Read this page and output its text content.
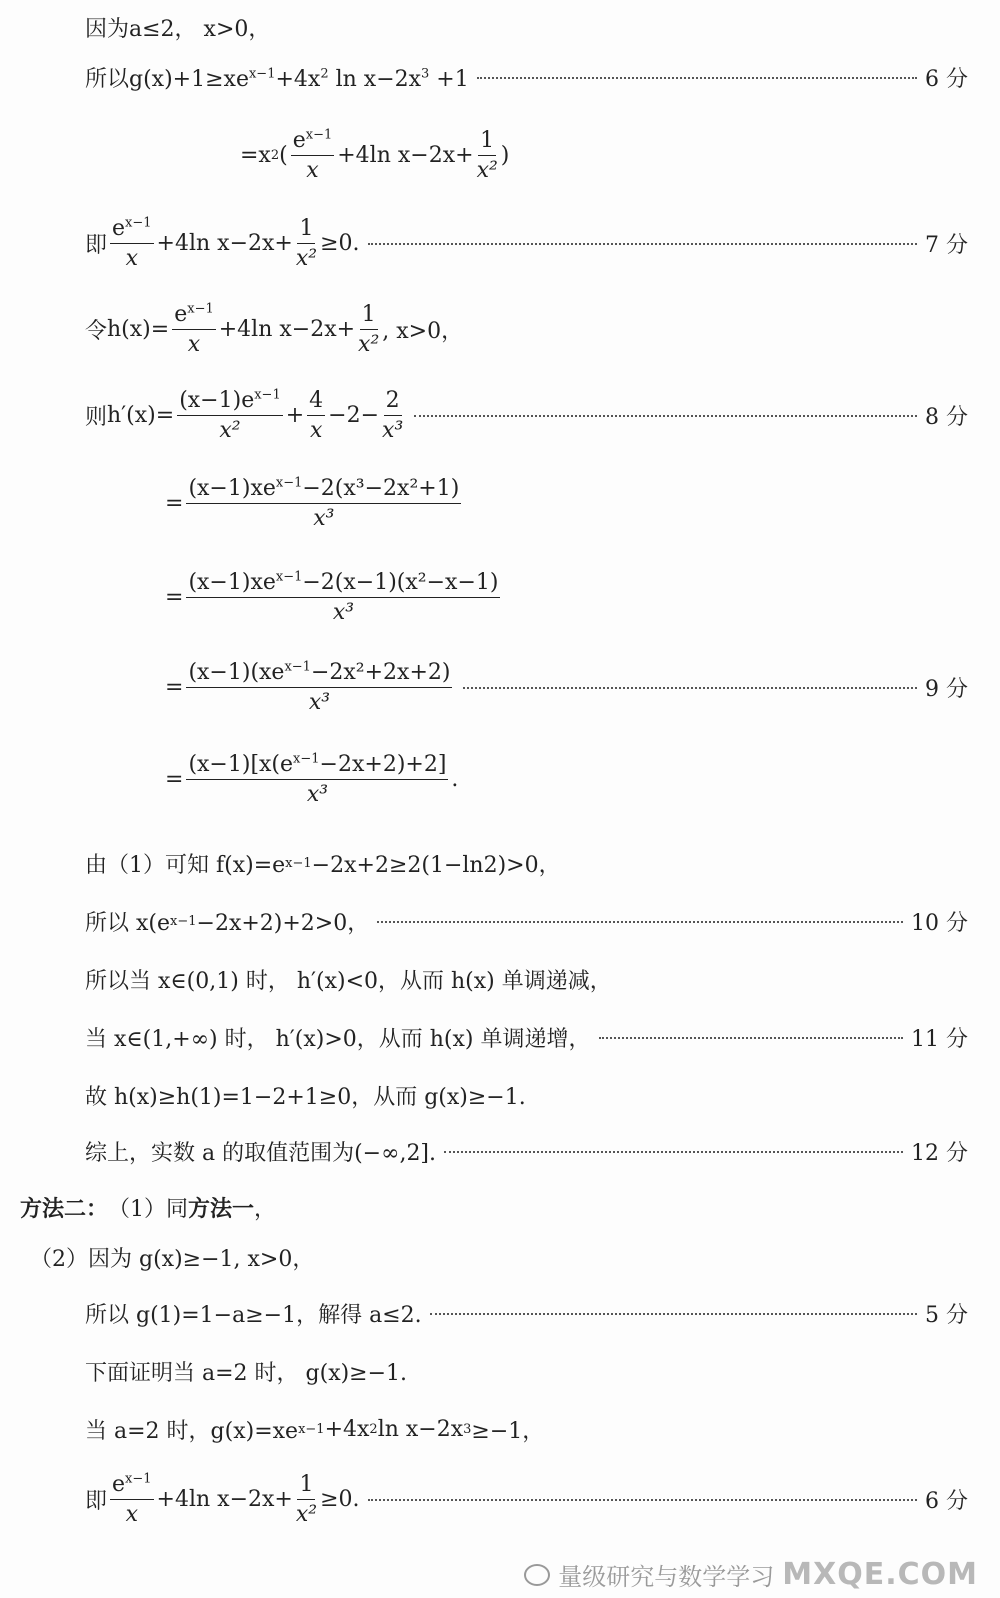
因为a≤2， x>0，
所以$g(x)+1\ge xe^{x-1}+4x^2$ $\ln x-2x^3 +1$	6 分
=x 2 ( $\frac{e^{x-1}}{x} +4\ln$ $x-2x+ \frac{1}{\text{x²}}$ )
即 $\frac{e^{x-1}}{x} +4\ln$ $x-2x+ \frac{1}{\text{x²}} \ge 0$.	7 分
令 $h(x)= \frac{e^{x-1}}{x} +4\ln$ $x-2x+ \frac{1}{\text{x²}}$ , x>0，
则 $h'(x)= \frac{(x-1)e^{x-1}}{\text{x²}} + \frac{4}{x} -2- \frac{2}{\text{x³}}$	8 分
= $\frac{(x-1)xe^{x-1}-2(x^3-2x^2+1)}{\text{x³}}$
= $\frac{(x-1)xe^{x-1}-2(x-1)(x^2-x-1)}{\text{x³}}$
= $\frac{(x-1)(xe^{x-1}-2x^2+2x+2)}{\text{x³}}$	9 分
= $\frac{(x-1)[x(e^{x-1}-2x+2)+2]}{\text{x³}}$ .
由（1）可知 f(x)=e x−1 −2x+2≥2(1−ln2)>0，
所以 x(e x−1 −2x+2)+2>0，	10 分
所以当 x∈(0,1) 时， h′(x)<0，从而 h(x) 单调递减，
当 x∈(1,+∞) 时， h′(x)>0，从而 h(x) 单调递增，	11 分
故 h(x)≥h(1)=1−2+1≥0，从而 g(x)≥−1.
综上，实数 a 的取值范围为(−∞,2].	12 分
方法二： （1）同 方法一 ，
（2）因为 g(x)≥−1, x>0，
所以 g(1)=1−a≥−1，解得 a≤2.	5 分
下面证明当 a=2 时， g(x)≥−1.
当 a=2 时，g(x)=xe x−1 +4x 2 ln x−2x 3 ≥−1，
即 $\frac{e^{x-1}}{x} +4\ln$ $x-2x+ \frac{1}{\text{x²}} \ge 0$.	6 分
量级研究与数学学习 MXQE.COM
